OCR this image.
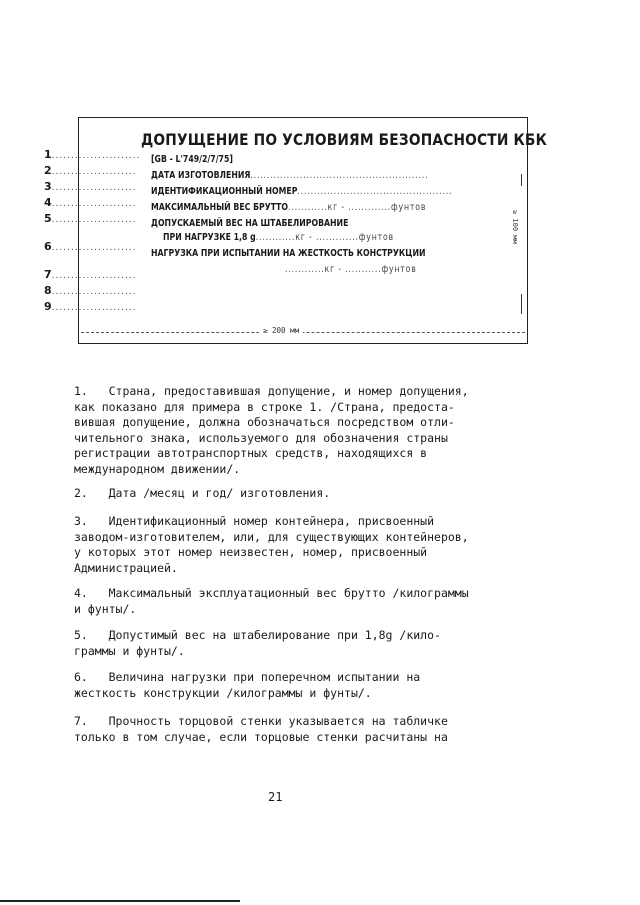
1.......................
2......................
3......................
4......................
5......................
6......................
7......................
8......................
9......................
ДОПУЩЕНИЕ ПО УСЛОВИЯМ БЕЗОПАСНОСТИ КБК
[GB - L'749/2/7/75]
ДАТА ИЗГОТОВЛЕНИЯ......................................................
ИДЕНТИФИКАЦИОННЫЙ НОМЕР...............................................
МАКСИМАЛЬНЫЙ ВЕС БРУТТО............кг - .............фунтов
ДОПУСКАЕМЫЙ ВЕС НА ШТАБЕЛИРОВАНИЕ
ПРИ НАГРУЗКЕ 1,8 g............кг - .............фунтов
НАГРУЗКА ПРИ ИСПЫТАНИИ НА ЖЕСТКОСТЬ КОНСТРУКЦИИ
............кг - ...........фунтов
≥ 100 мм
≥ 200 мм
1.   Страна, предоставившая допущение, и номер допущения,
как показано для примера в строке 1. /Страна, предоста-
вившая допущение, должна обозначаться посредством отли-
чительного знака, используемого для обозначения страны
регистрации автотранспортных средств, находящихся в
международном движении/.
2.   Дата /месяц и год/ изготовления.
3.   Идентификационный номер контейнера, присвоенный
заводом-изготовителем, или, для существующих контейнеров,
у которых этот номер неизвестен, номер, присвоенный
Администрацией.
4.   Максимальный эксплуатационный вес брутто /килограммы
и фунты/.
5.   Допустимый вес на штабелирование при 1,8g /кило-
граммы и фунты/.
6.   Величина нагрузки при поперечном испытании на
жесткость конструкции /килограммы и фунты/.
7.   Прочность торцовой стенки указывается на табличке
только в том случае, если торцовые стенки расчитаны на
21
